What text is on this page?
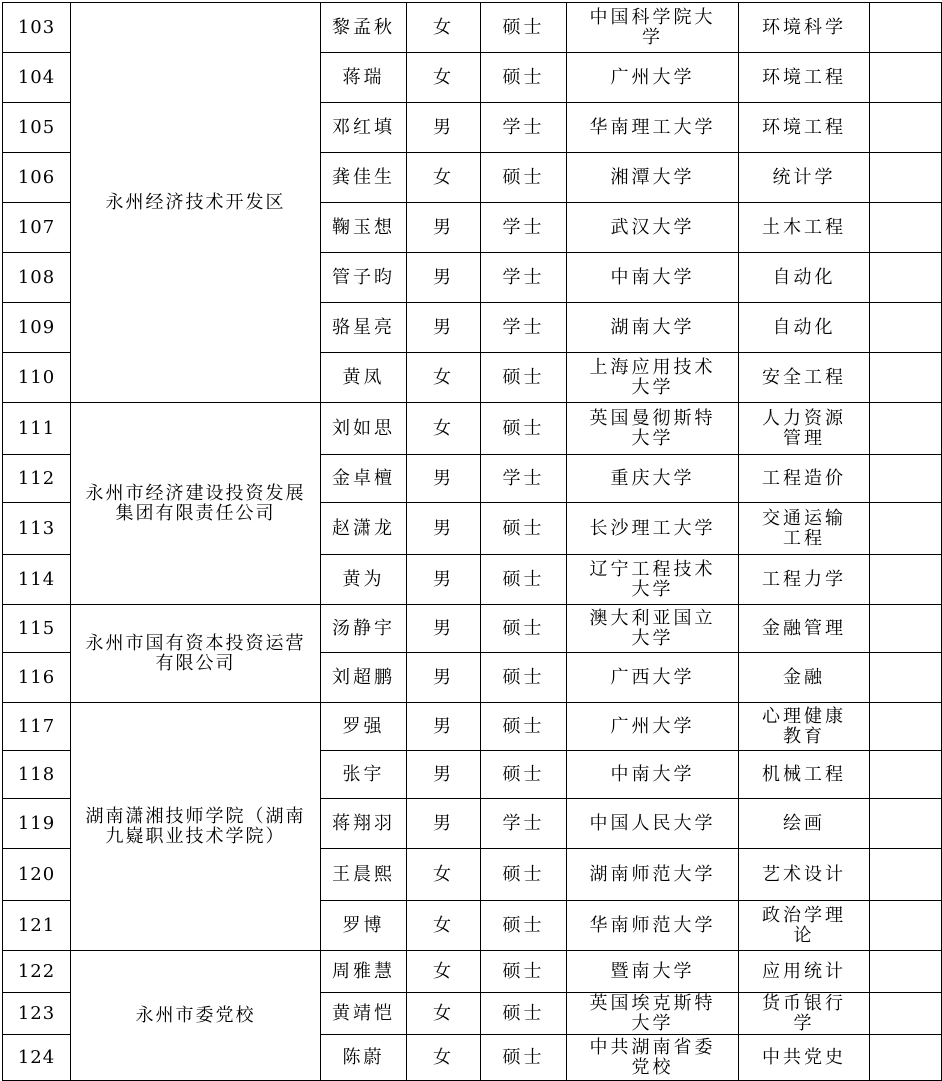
103	永州经济技术开发区	黎孟秋	女	硕士	中国科学院大学	环境科学	
104		蒋瑞	女	硕士	广州大学	环境工程	
105		邓红填	男	学士	华南理工大学	环境工程	
106		龚佳生	女	硕士	湘潭大学	统计学	
107		鞠玉想	男	学士	武汉大学	土木工程	
108		管子昀	男	学士	中南大学	自动化	
109		骆星亮	男	学士	湖南大学	自动化	
110		黄凤	女	硕士	上海应用技术大学	安全工程	
111	永州市经济建设投资发展集团有限责任公司	刘如思	女	硕士	英国曼彻斯特大学	人力资源管理	
112		金卓檀	男	学士	重庆大学	工程造价	
113		赵潇龙	男	硕士	长沙理工大学	交通运输工程	
114		黄为	男	硕士	辽宁工程技术大学	工程力学	
115	永州市国有资本投资运营有限公司	汤静宇	男	硕士	澳大利亚国立大学	金融管理	
116		刘超鹏	男	硕士	广西大学	金融	
117	湖南潇湘技师学院（湖南九嶷职业技术学院）	罗强	男	硕士	广州大学	心理健康教育	
118		张宇	男	硕士	中南大学	机械工程	
119		蒋翔羽	男	学士	中国人民大学	绘画	
120		王晨熙	女	硕士	湖南师范大学	艺术设计	
121		罗博	女	硕士	华南师范大学	政治学理论	
122	永州市委党校	周雅慧	女	硕士	暨南大学	应用统计	
123		黄靖恺	女	硕士	英国埃克斯特大学	货币银行学	
124		陈蔚	女	硕士	中共湖南省委党校	中共党史	
